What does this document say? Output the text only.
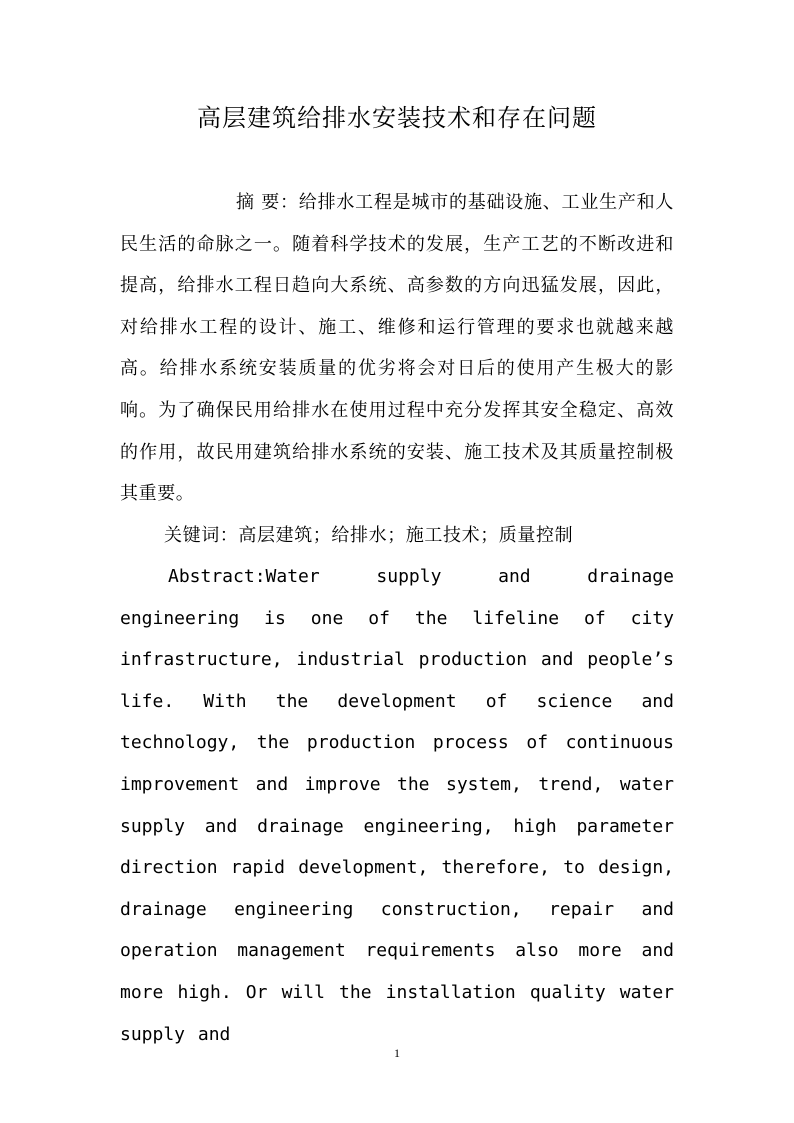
高层建筑给排水安装技术和存在问题

摘 要：给排水工程是城市的基础设施、工业生产和人民生活的命脉之一。随着科学技术的发展，生产工艺的不断改进和提高，给排水工程日趋向大系统、高参数的方向迅猛发展，因此，对给排水工程的设计、施工、维修和运行管理的要求也就越来越高。给排水系统安装质量的优劣将会对日后的使用产生极大的影响。为了确保民用给排水在使用过程中充分发挥其安全稳定、高效的作用，故民用建筑给排水系统的安装、施工技术及其质量控制极其重要。

关键词：高层建筑；给排水；施工技术；质量控制

Abstract:Water supply and drainage engineering is one of the lifeline of city infrastructure, industrial production and people’s life. With the development of science and technology, the production process of continuous improvement and improve the system, trend, water supply and drainage engineering, high parameter direction rapid development, therefore, to design, drainage engineering construction, repair and operation management requirements also more and more high. Or will the installation quality water supply and

1
